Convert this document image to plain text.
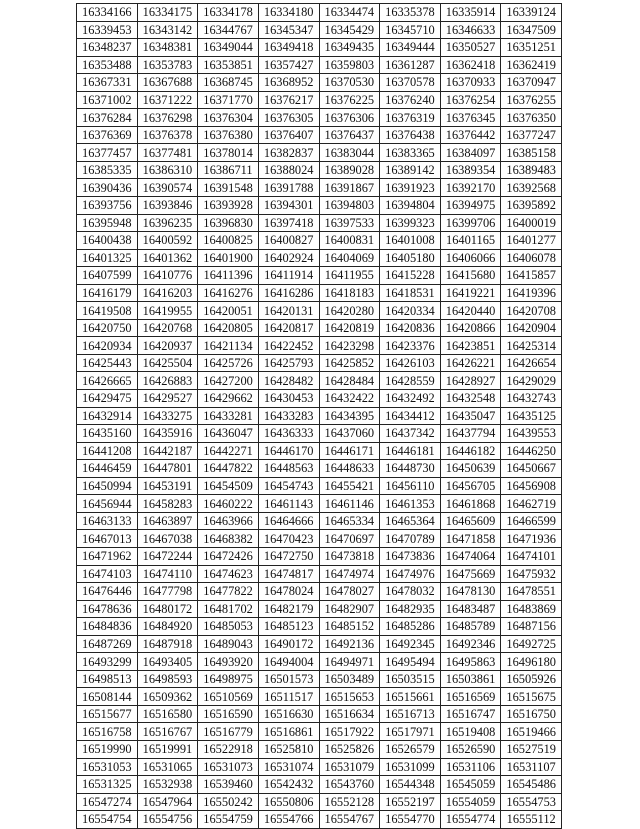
16334166	16334175	16334178	16334180	16334474	16335378	16335914	16339124
16339453	16343142	16344767	16345347	16345429	16345710	16346633	16347509
16348237	16348381	16349044	16349418	16349435	16349444	16350527	16351251
16353488	16353783	16353851	16357427	16359803	16361287	16362418	16362419
16367331	16367688	16368745	16368952	16370530	16370578	16370933	16370947
16371002	16371222	16371770	16376217	16376225	16376240	16376254	16376255
16376284	16376298	16376304	16376305	16376306	16376319	16376345	16376350
16376369	16376378	16376380	16376407	16376437	16376438	16376442	16377247
16377457	16377481	16378014	16382837	16383044	16383365	16384097	16385158
16385335	16386310	16386711	16388024	16389028	16389142	16389354	16389483
16390436	16390574	16391548	16391788	16391867	16391923	16392170	16392568
16393756	16393846	16393928	16394301	16394803	16394804	16394975	16395892
16395948	16396235	16396830	16397418	16397533	16399323	16399706	16400019
16400438	16400592	16400825	16400827	16400831	16401008	16401165	16401277
16401325	16401362	16401900	16402924	16404069	16405180	16406066	16406078
16407599	16410776	16411396	16411914	16411955	16415228	16415680	16415857
16416179	16416203	16416276	16416286	16418183	16418531	16419221	16419396
16419508	16419955	16420051	16420131	16420280	16420334	16420440	16420708
16420750	16420768	16420805	16420817	16420819	16420836	16420866	16420904
16420934	16420937	16421134	16422452	16423298	16423376	16423851	16425314
16425443	16425504	16425726	16425793	16425852	16426103	16426221	16426654
16426665	16426883	16427200	16428482	16428484	16428559	16428927	16429029
16429475	16429527	16429662	16430453	16432422	16432492	16432548	16432743
16432914	16433275	16433281	16433283	16434395	16434412	16435047	16435125
16435160	16435916	16436047	16436333	16437060	16437342	16437794	16439553
16441208	16442187	16442271	16446170	16446171	16446181	16446182	16446250
16446459	16447801	16447822	16448563	16448633	16448730	16450639	16450667
16450994	16453191	16454509	16454743	16455421	16456110	16456705	16456908
16456944	16458283	16460222	16461143	16461146	16461353	16461868	16462719
16463133	16463897	16463966	16464666	16465334	16465364	16465609	16466599
16467013	16467038	16468382	16470423	16470697	16470789	16471858	16471936
16471962	16472244	16472426	16472750	16473818	16473836	16474064	16474101
16474103	16474110	16474623	16474817	16474974	16474976	16475669	16475932
16476446	16477798	16477822	16478024	16478027	16478032	16478130	16478551
16478636	16480172	16481702	16482179	16482907	16482935	16483487	16483869
16484836	16484920	16485053	16485123	16485152	16485286	16485789	16487156
16487269	16487918	16489043	16490172	16492136	16492345	16492346	16492725
16493299	16493405	16493920	16494004	16494971	16495494	16495863	16496180
16498513	16498593	16498975	16501573	16503489	16503515	16503861	16505926
16508144	16509362	16510569	16511517	16515653	16515661	16516569	16515675
16515677	16516580	16516590	16516630	16516634	16516713	16516747	16516750
16516758	16516767	16516779	16516861	16517922	16517971	16519408	16519466
16519990	16519991	16522918	16525810	16525826	16526579	16526590	16527519
16531053	16531065	16531073	16531074	16531079	16531099	16531106	16531107
16531325	16532938	16539460	16542432	16543760	16544348	16545059	16545486
16547274	16547964	16550242	16550806	16552128	16552197	16554059	16554753
16554754	16554756	16554759	16554766	16554767	16554770	16554774	16555112
